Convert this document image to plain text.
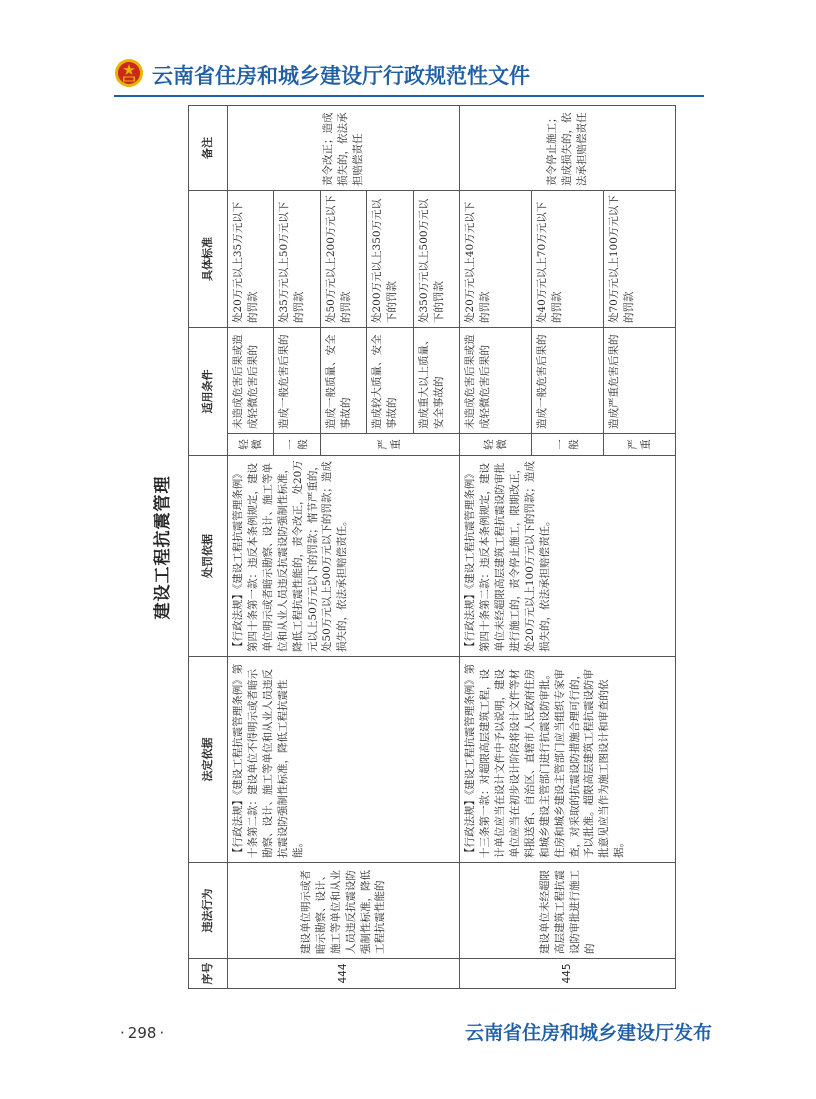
云南省住房和城乡建设厅行政规范性文件
建设工程抗震管理
序号	违法行为	法定依据	处罚依据	适用条件		具体标准	备注
444	建设单位明示或者暗示勘察、设计、施工等单位和从业人员违反抗震设防强制性标准，降低工程抗震性能的	【行政法规】《建设工程抗震管理条例》第十条第二款：建设单位不得明示或者暗示勘察、设计、施工等单位和从业人员违反抗震设防强制性标准，降低工程抗震性能。	【行政法规】《建设工程抗震管理条例》第四十条第一款：违反本条例规定，建设单位明示或者暗示勘察、设计、施工等单位和从业人员违反抗震设防强制性标准，降低工程抗震性能的，责令改正，处20万元以上50万元以下的罚款；情节严重的，处50万元以上500万元以下的罚款；造成损失的，依法承担赔偿责任。	轻微	未造成危害后果或造成轻微危害后果的	处20万元以上35万元以下的罚款	责令改正；造成损失的，依法承担赔偿责任
				一般	造成一般危害后果的	处35万元以上50万元以下的罚款	
				严重	造成一般质量、安全事故的	处50万元以上200万元以下的罚款	
					造成较大质量、安全事故的	处200万元以上350万元以下的罚款	
					造成重大以上质量、安全事故的	处350万元以上500万元以下的罚款	
445	建设单位未经超限高层建筑工程抗震设防审批进行施工的	【行政法规】《建设工程抗震管理条例》第十三条第一款：对超限高层建筑工程，设计单位应当在设计文件中予以说明，建设单位应当在初步设计阶段将设计文件等材料报送省、自治区、直辖市人民政府住房和城乡建设主管部门进行抗震设防审批。住房和城乡建设主管部门应当组织专家审查，对采取的抗震设防措施合理可行的，予以批准。超限高层建筑工程抗震设防审批意见应当作为施工图设计和审查的依据。	【行政法规】《建设工程抗震管理条例》第四十条第二款：违反本条例规定，建设单位未经超限高层建筑工程抗震设防审批进行施工的，责令停止施工，限期改正，处20万元以上100万元以下的罚款；造成损失的，依法承担赔偿责任。	轻微	未造成危害后果或造成轻微危害后果的	处20万元以上40万元以下的罚款	责令停止施工；造成损失的，依法承担赔偿责任
				一般	造成一般危害后果的	处40万元以上70万元以下的罚款	
				严重	造成严重危害后果的	处70万元以上100万元以下的罚款	
· 298 ·	云南省住房和城乡建设厅发布
